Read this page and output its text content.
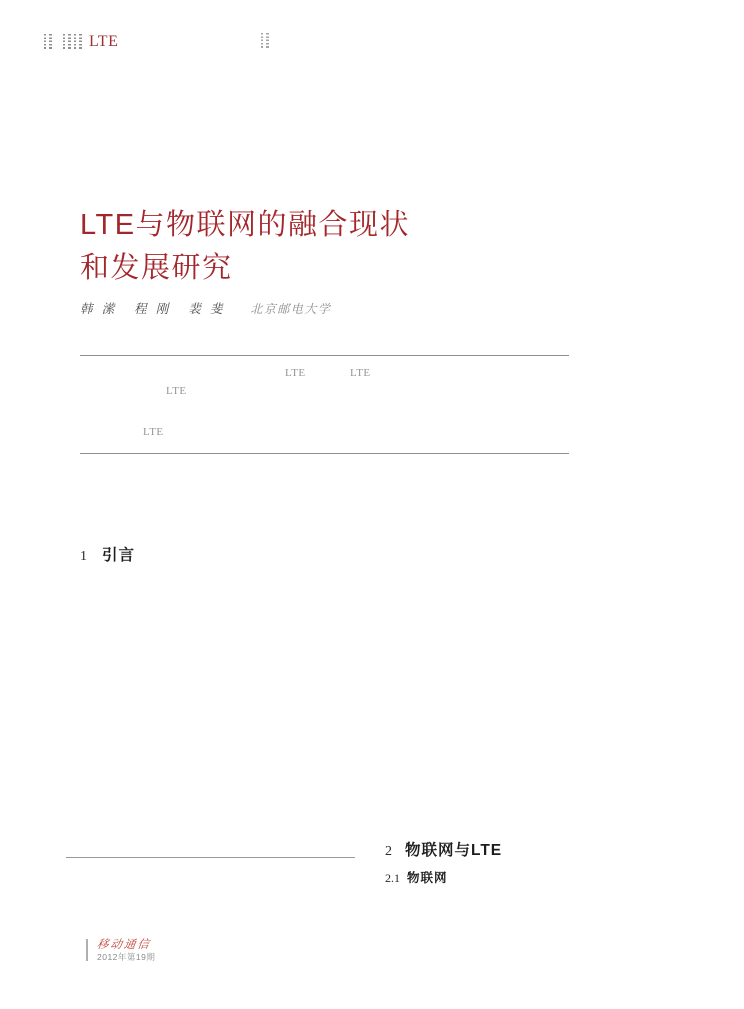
LTE
LTE与物联网的融合现状
和发展研究
韩 潆 程 刚 裴 斐 北京邮电大学
LTE	LTE
LTE
LTE
1 引言
2 物联网与LTE
2.1 物联网
移动通信
2012年第19期
